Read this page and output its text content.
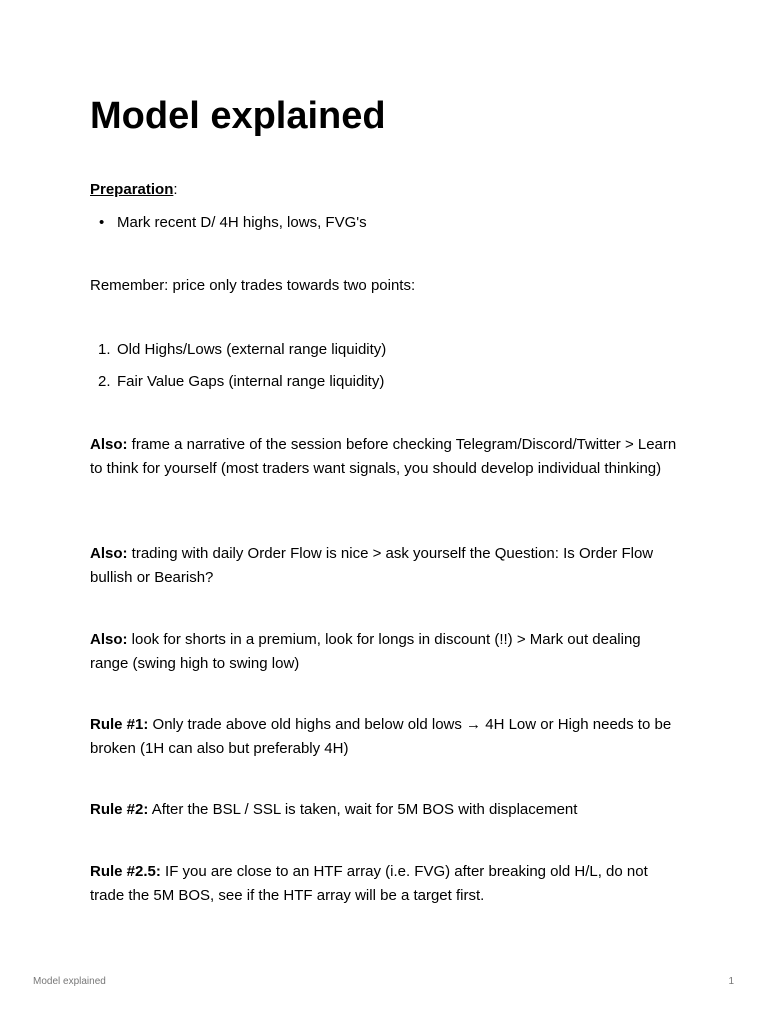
Model explained

Preparation:

• Mark recent D/ 4H highs, lows, FVG's

Remember: price only trades towards two points:

1. Old Highs/Lows (external range liquidity)
2. Fair Value Gaps (internal range liquidity)

Also: frame a narrative of the session before checking Telegram/Discord/Twitter > Learn to think for yourself (most traders want signals, you should develop individual thinking)

Also: trading with daily Order Flow is nice > ask yourself the Question: Is Order Flow bullish or Bearish?

Also: look for shorts in a premium, look for longs in discount (!!) > Mark out dealing range (swing high to swing low)

Rule #1: Only trade above old highs and below old lows → 4H Low or High needs to be broken (1H can also but preferably 4H)

Rule #2: After the BSL / SSL is taken, wait for 5M BOS with displacement

Rule #2.5: IF you are close to an HTF array (i.e. FVG) after breaking old H/L, do not trade the 5M BOS, see if the HTF array will be a target first.

Model explained	1
